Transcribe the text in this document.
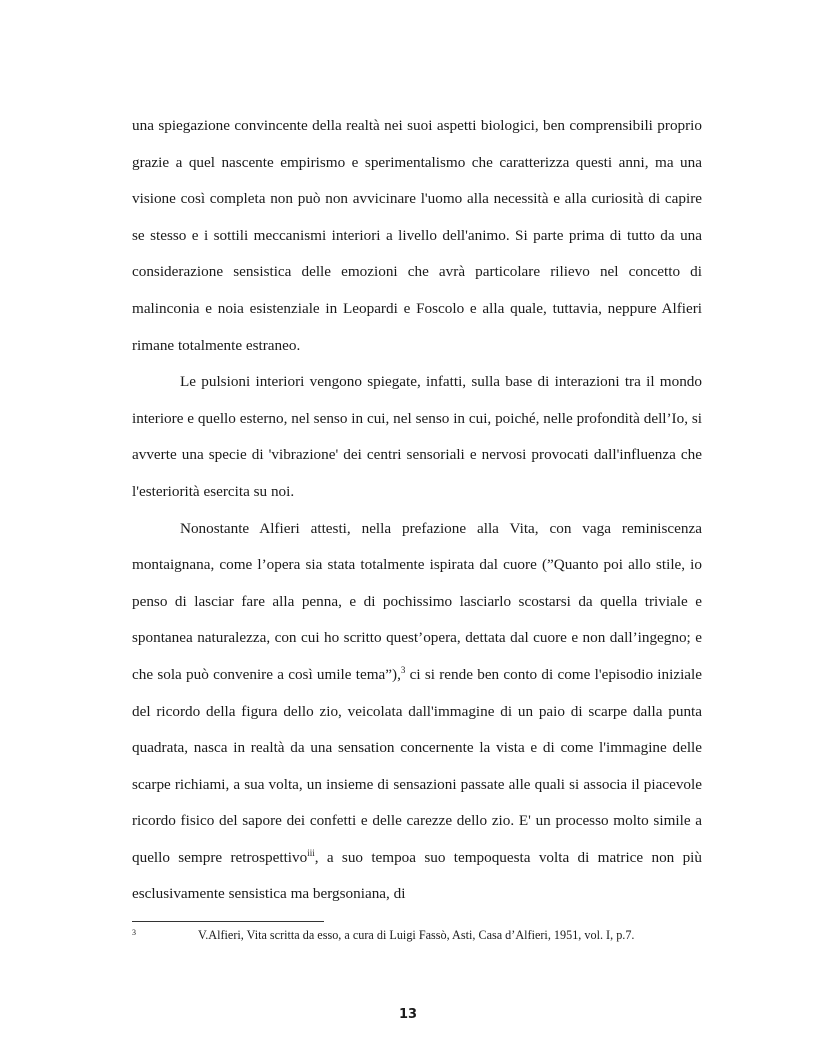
una spiegazione convincente della realtà nei suoi aspetti biologici, ben comprensibili proprio grazie a quel nascente empirismo e sperimentalismo che caratterizza questi anni, ma una visione così completa non può non avvicinare l'uomo alla necessità e alla curiosità di capire se stesso e i sottili meccanismi interiori a livello dell'animo. Si parte prima di tutto da una considerazione sensistica delle emozioni che avrà particolare rilievo nel concetto di malinconia e noia esistenziale in Leopardi e Foscolo e alla quale, tuttavia, neppure Alfieri rimane totalmente estraneo.

Le pulsioni interiori vengono spiegate, infatti, sulla base di interazioni tra il mondo interiore e quello esterno, nel senso in cui, nel senso in cui, poiché, nelle profondità dell’Io, si avverte una specie di 'vibrazione' dei centri sensoriali e nervosi provocati dall'influenza che l'esteriorità esercita su noi.

Nonostante Alfieri attesti, nella prefazione alla Vita, con vaga reminiscenza montaignana, come l’opera sia stata totalmente ispirata dal cuore (”Quanto poi allo stile, io penso di lasciar fare alla penna, e di pochissimo lasciarlo scostarsi da quella triviale e spontanea naturalezza, con cui ho scritto quest’opera, dettata dal cuore e non dall’ingegno; e che sola può convenire a così umile tema”),$^3$ ci si rende ben conto di come l'episodio iniziale del ricordo della figura dello zio, veicolata dall'immagine di un paio di scarpe dalla punta quadrata, nasca in realtà da una sensation concernente la vista e di come l'immagine delle scarpe richiami, a sua volta, un insieme di sensazioni passate alle quali si associa il piacevole ricordo fisico del sapore dei confetti e delle carezze dello zio. E' un processo molto simile a quello sempre retrospettivo$^{iii}$, a suo tempoa suo tempoquesta volta di matrice non più esclusivamente sensistica ma bergsoniana, di

3	V.Alfieri, Vita scritta da esso, a cura di Luigi Fassò, Asti, Casa d’Alfieri, 1951, vol. I, p.7.
13
